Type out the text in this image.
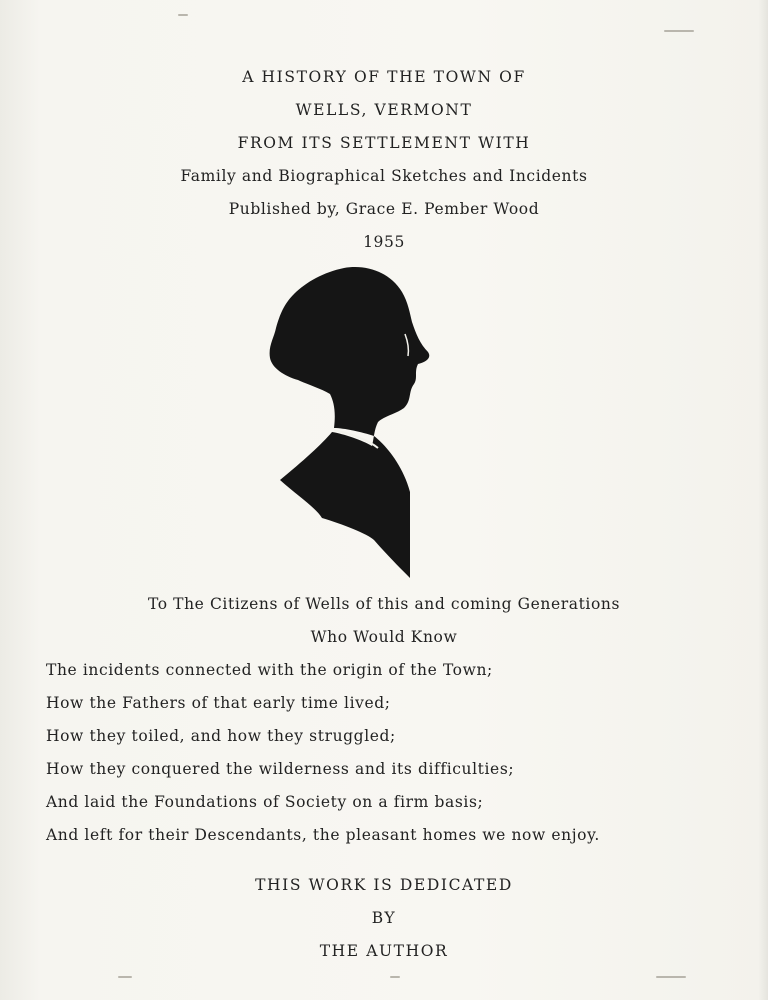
A HISTORY OF THE TOWN OF
WELLS, VERMONT
FROM ITS SETTLEMENT WITH
Family and Biographical Sketches and Incidents
Published by, Grace E. Pember Wood
1955
To The Citizens of Wells of this and coming Generations
Who Would Know
The incidents connected with the origin of the Town;
How the Fathers of that early time lived;
How they toiled, and how they struggled;
How they conquered the wilderness and its difficulties;
And laid the Foundations of Society on a firm basis;
And left for their Descendants, the pleasant homes we now enjoy.
THIS WORK IS DEDICATED
BY
THE AUTHOR
